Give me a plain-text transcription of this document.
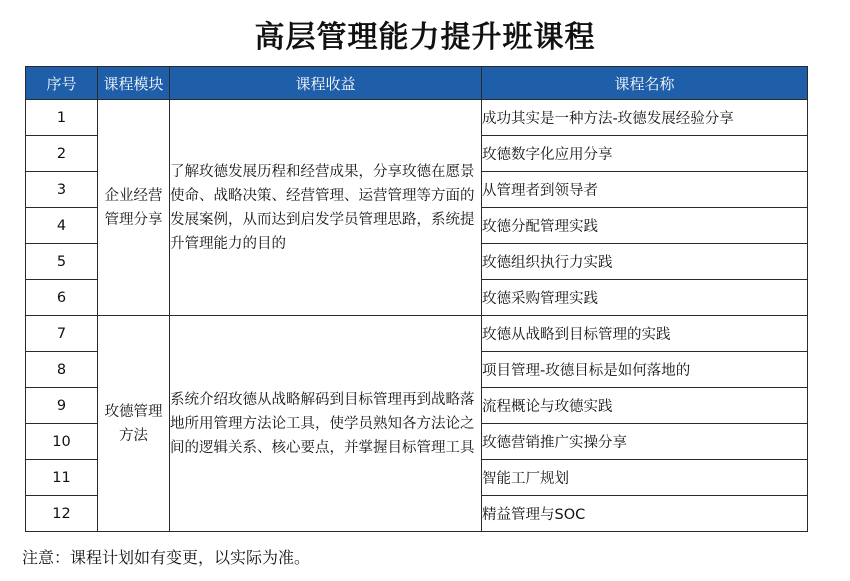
高层管理能力提升班课程
序号	课程模块	课程收益	课程名称
1	企业经营管理分享	了解玫德发展历程和经营成果，分享玫德在愿景使命、战略决策、经营管理、运营管理等方面的发展案例，从而达到启发学员管理思路，系统提升管理能力的目的	成功其实是一种方法-玫德发展经验分享
2			玫德数字化应用分享
3			从管理者到领导者
4			玫德分配管理实践
5			玫德组织执行力实践
6			玫德采购管理实践
7	玫德管理方法	系统介绍玫德从战略解码到目标管理再到战略落地所用管理方法论工具，使学员熟知各方法论之间的逻辑关系、核心要点，并掌握目标管理工具	玫德从战略到目标管理的实践
8			项目管理-玫德目标是如何落地的
9			流程概论与玫德实践
10			玫德营销推广实操分享
11			智能工厂规划
12			精益管理与SOC
注意：课程计划如有变更，以实际为准。
